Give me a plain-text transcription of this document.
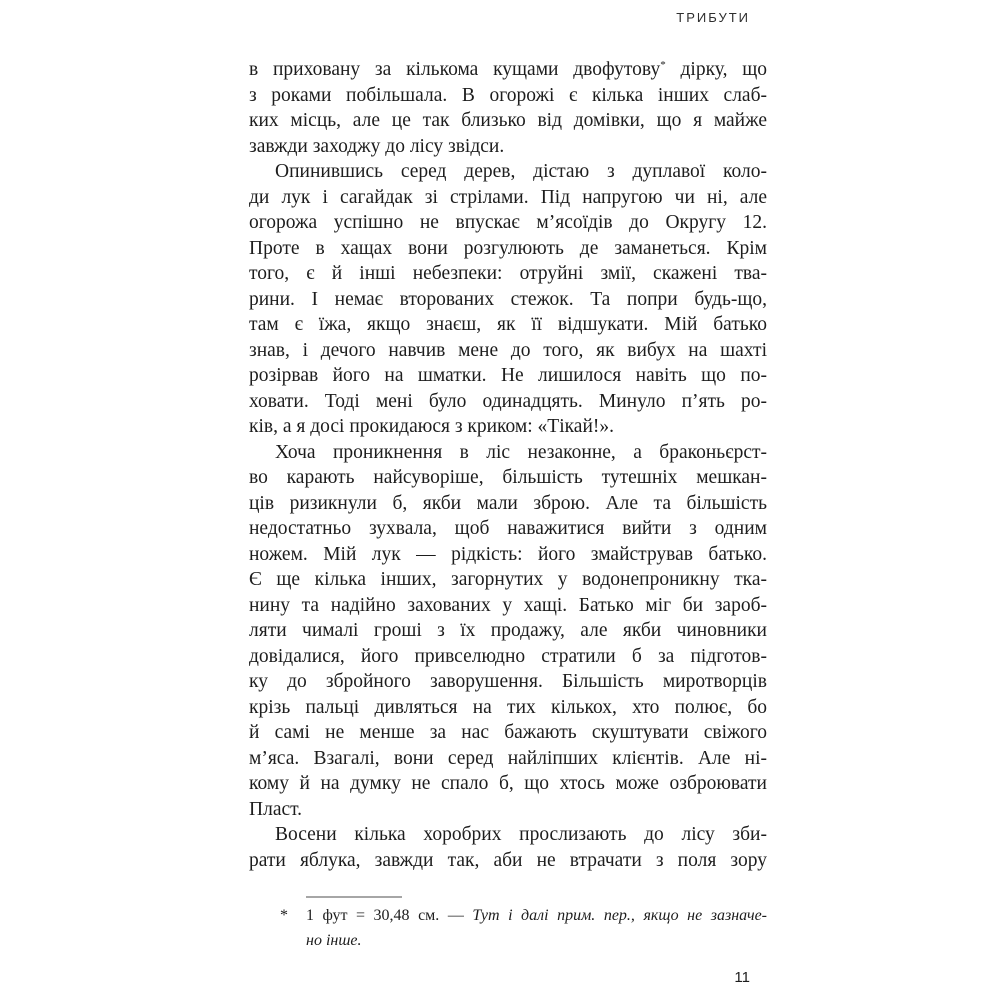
ТРИБУТИ
в приховану за кількома кущами двофутову* дірку, що
з роками побільшала. В огорожі є кілька інших слаб-
ких місць, але це так близько від домівки, що я майже
завжди заходжу до лісу звідси.
Опинившись серед дерев, дістаю з дуплавої коло-
ди лук і сагайдак зі стрілами. Під напругою чи ні, але
огорожа успішно не впускає м’ясоїдів до Округу 12.
Проте в хащах вони розгулюють де заманеться. Крім
того, є й інші небезпеки: отруйні змії, скажені тва-
рини. І немає второваних стежок. Та попри будь-що,
там є їжа, якщо знаєш, як її відшукати. Мій батько
знав, і дечого навчив мене до того, як вибух на шахті
розірвав його на шматки. Не лишилося навіть що по-
ховати. Тоді мені було одинадцять. Минуло п’ять ро-
ків, а я досі прокидаюся з криком: «Тікай!».
Хоча проникнення в ліс незаконне, а браконьєрст-
во карають найсуворіше, більшість тутешніх мешкан-
ців ризикнули б, якби мали зброю. Але та більшість
недостатньо зухвала, щоб наважитися вийти з одним
ножем. Мій лук — рідкість: його змайстрував батько.
Є ще кілька інших, загорнутих у водонепроникну тка-
нину та надійно захованих у хащі. Батько міг би зароб-
ляти чималі гроші з їх продажу, але якби чиновники
довідалися, його привселюдно стратили б за підготов-
ку до збройного заворушення. Більшість миротворців
крізь пальці дивляться на тих кількох, хто полює, бо
й самі не менше за нас бажають скуштувати свіжого
м’яса. Взагалі, вони серед найліпших клієнтів. Але ні-
кому й на думку не спало б, що хтось може озброювати
Пласт.
Восени кілька хоробрих прослизають до лісу зби-
рати яблука, завжди так, аби не втрачати з поля зору
*	1 фут = 30,48 см. — Тут і далі прим. пер., якщо не зазначе-
но інше.
11
